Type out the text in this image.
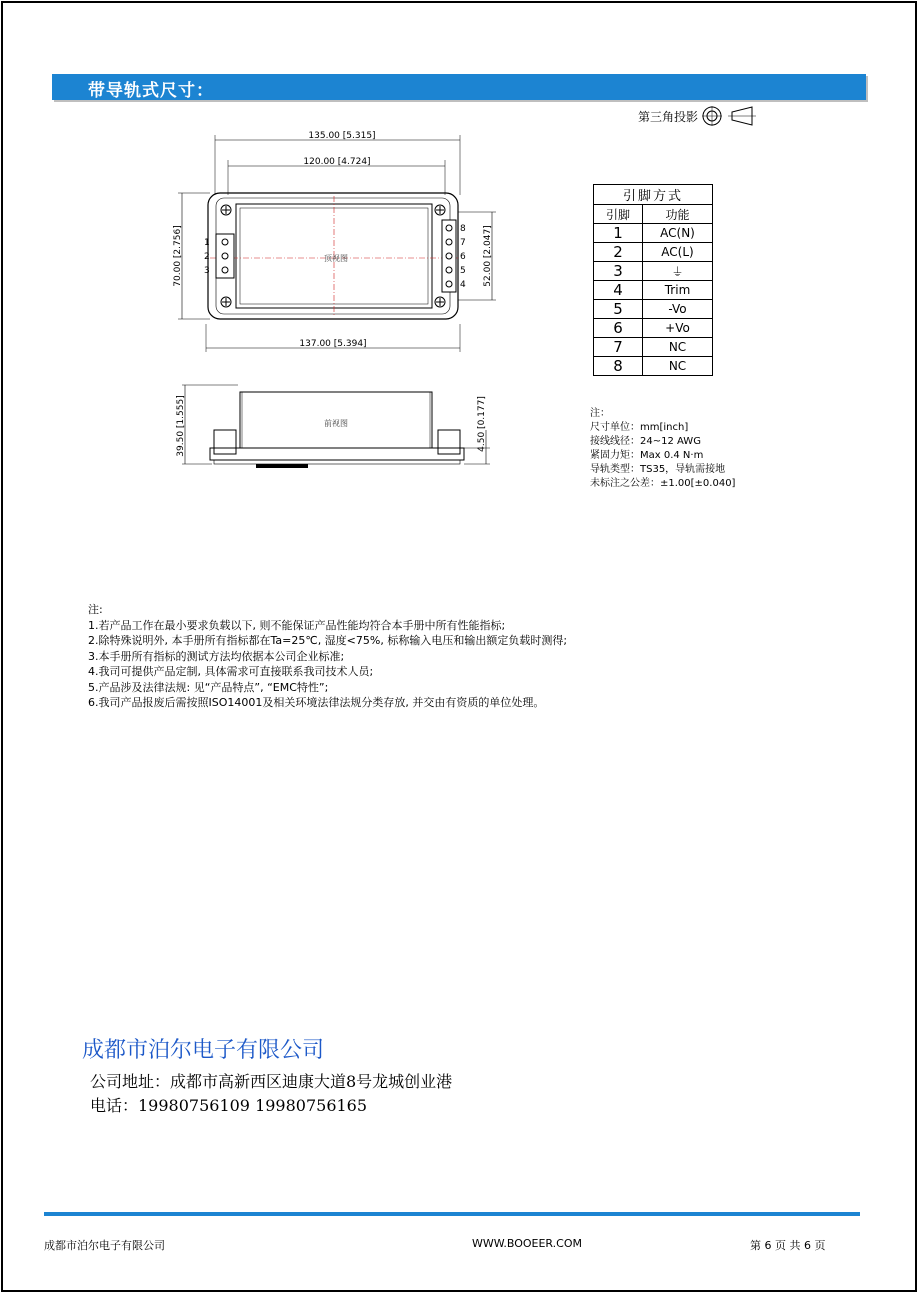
带导轨式尺寸：
第三角投影
135.00 [5.315]
120.00 [4.724]
顶视图
1
2
3
8
7
6
5
4
70.00 [2.756]	52.00 [2.047]
137.00 [5.394]
前视图
39.50 [1.555]	4.50 [0.177]
引脚方式	
引脚	功能
1	AC(N)
2	AC(L)
3	⏚
4	Trim
5	-Vo
6	+Vo
7	NC
8	NC
注：
尺寸单位：mm[inch]
接线线径：24~12 AWG
紧固力矩：Max 0.4 N·m
导轨类型：TS35，导轨需接地
未标注之公差：±1.00[±0.040]
注:
1.若产品工作在最小要求负载以下, 则不能保证产品性能均符合本手册中所有性能指标;
2.除特殊说明外, 本手册所有指标都在Ta=25℃, 湿度<75%, 标称输入电压和输出额定负载时测得;
3.本手册所有指标的测试方法均依据本公司企业标准;
4.我司可提供产品定制, 具体需求可直接联系我司技术人员;
5.产品涉及法律法规: 见“产品特点”, “EMC特性”;
6.我司产品报废后需按照ISO14001及相关环境法律法规分类存放, 并交由有资质的单位处理。
成都市泊尔电子有限公司
公司地址：成都市高新西区迪康大道8号龙城创业港
电话：19980756109 19980756165
成都市泊尔电子有限公司	WWW.BOOEER.COM	第 6 页 共 6 页
